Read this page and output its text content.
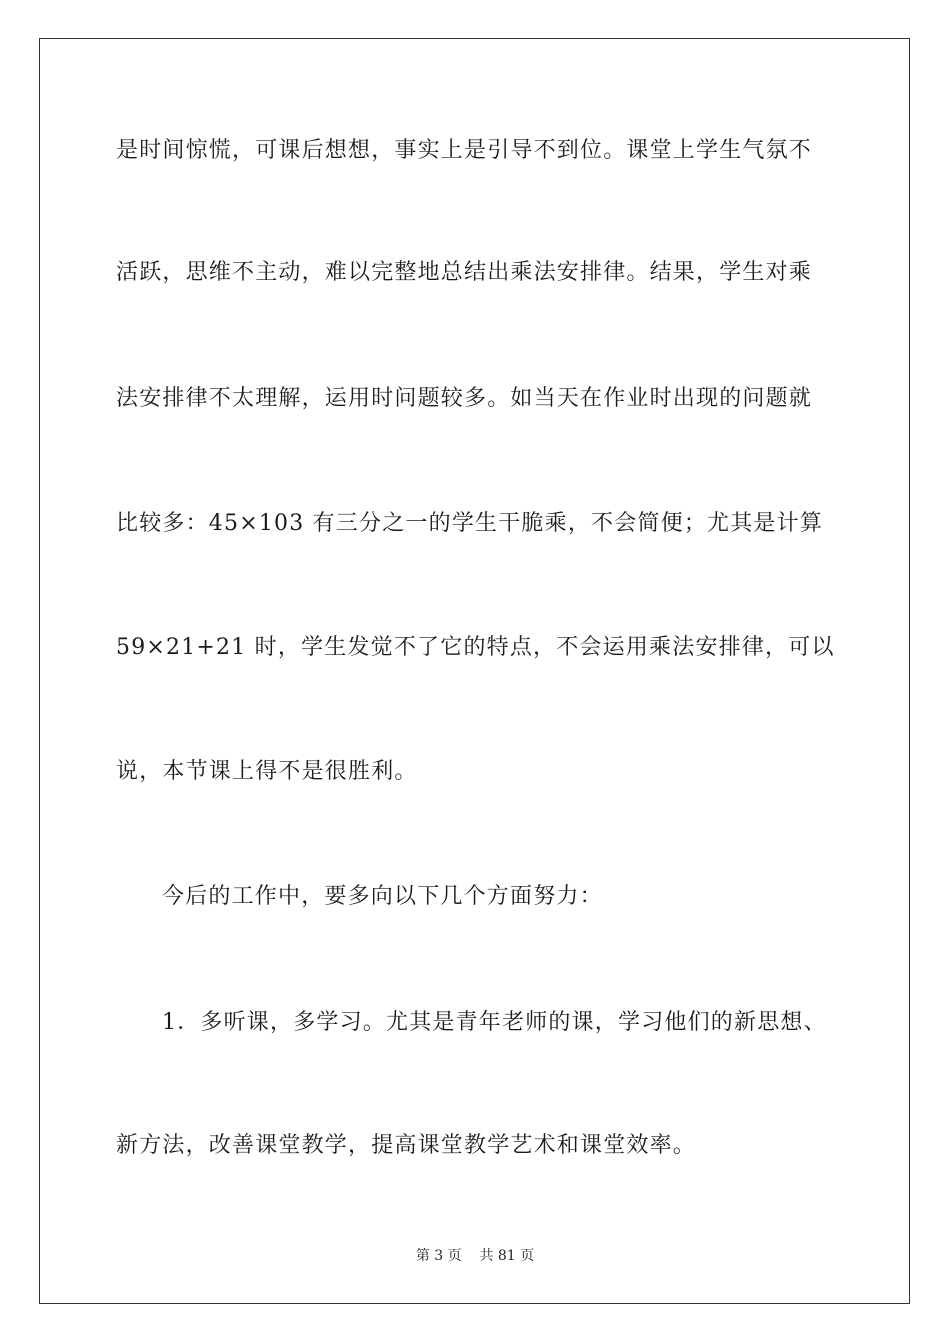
是时间惊慌，可课后想想，事实上是引导不到位。课堂上学生气氛不
活跃，思维不主动，难以完整地总结出乘法安排律。结果，学生对乘
法安排律不太理解，运用时问题较多。如当天在作业时出现的问题就
比较多：45×103 有三分之一的学生干脆乘，不会简便；尤其是计算
59×21+21 时，学生发觉不了它的特点，不会运用乘法安排律，可以
说，本节课上得不是很胜利。
今后的工作中，要多向以下几个方面努力：
1．多听课，多学习。尤其是青年老师的课，学习他们的新思想、
新方法，改善课堂教学，提高课堂教学艺术和课堂效率。
第 3 页 共 81 页
